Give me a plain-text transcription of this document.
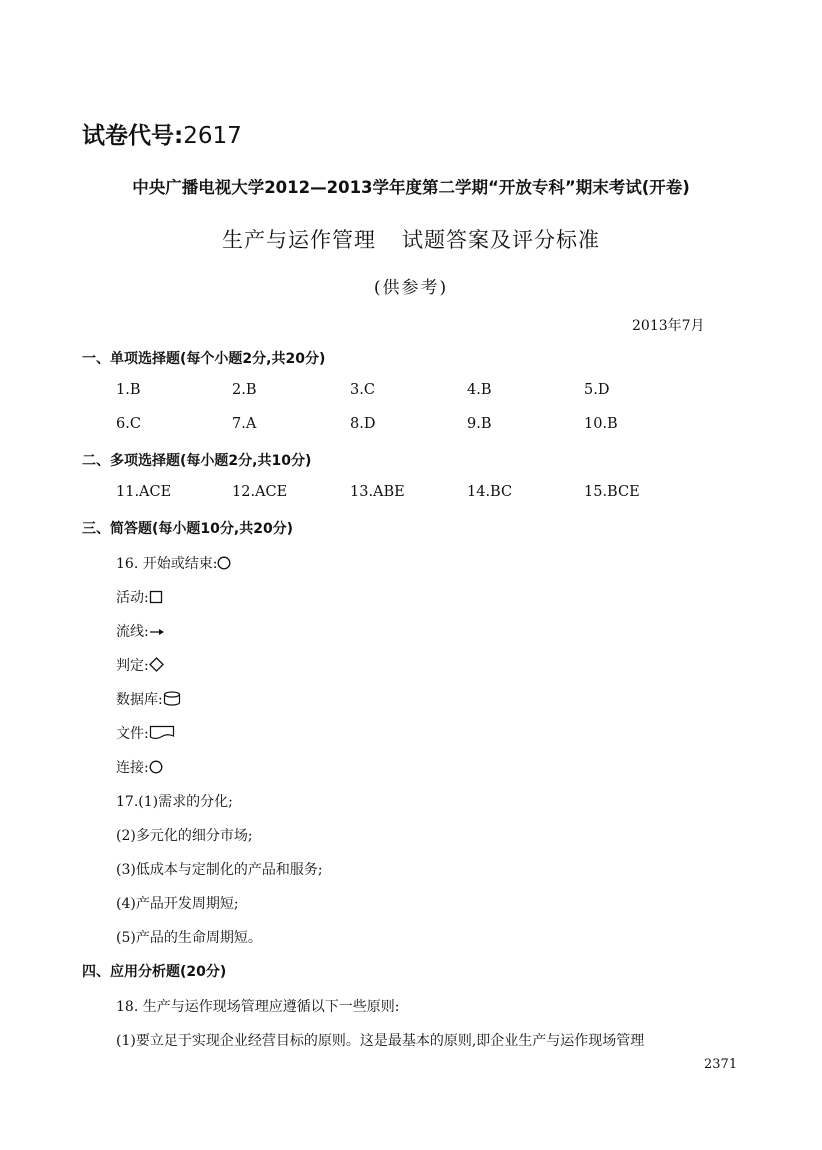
试卷代号:2617
中央广播电视大学2012—2013学年度第二学期“开放专科”期末考试(开卷)
生产与运作管理 试题答案及评分标准
(供参考)
2013年7月
一、单项选择题(每个小题2分,共20分)
1.B	2.B	3.C	4.B	5.D
6.C	7.A	8.D	9.B	10.B
二、多项选择题(每小题2分,共10分)
11.ACE	12.ACE	13.ABE	14.BC	15.BCE
三、简答题(每小题10分,共20分)
16. 开始或结束:
活动:
流线:
判定:
数据库:
文件:
连接:
17.(1)需求的分化;
(2)多元化的细分市场;
(3)低成本与定制化的产品和服务;
(4)产品开发周期短;
(5)产品的生命周期短。
四、应用分析题(20分)
18. 生产与运作现场管理应遵循以下一些原则:
(1)要立足于实现企业经营目标的原则。这是最基本的原则,即企业生产与运作现场管理
2371
